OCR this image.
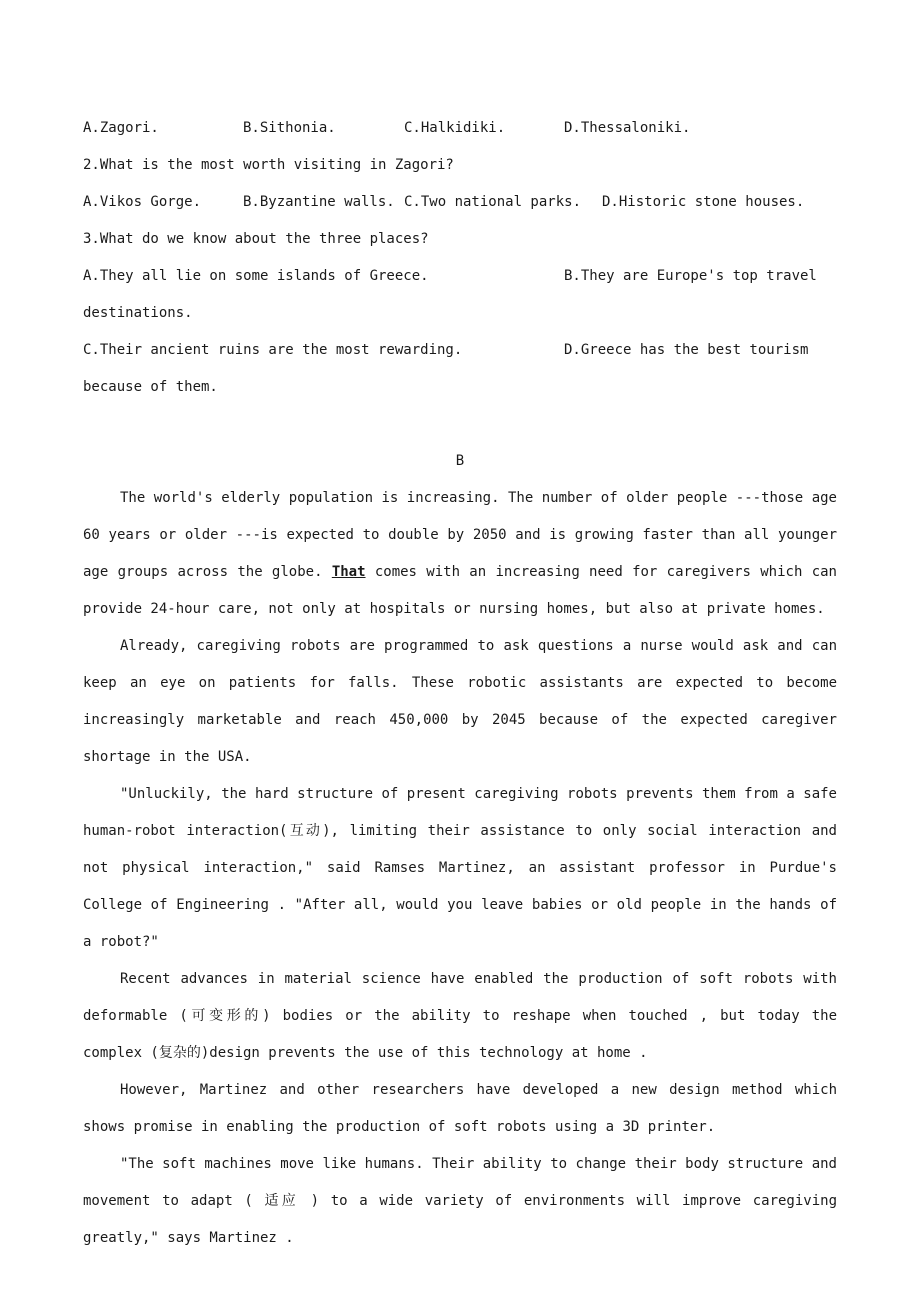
A.Zagori.	B.Sithonia.	C.Halkidiki.	D.Thessaloniki.
2.What is the most worth visiting in Zagori?
A.Vikos Gorge.	B.Byzantine walls. C.Two national parks.	D.Historic stone houses.
3.What do we know about the three places?
A.They all lie on some islands of Greece.	B.They are Europe's top travel
destinations.
C.Their ancient ruins are the most rewarding.	D.Greece has the best tourism
because of them.
B

The world's elderly population is increasing. The number of older people ---those age 60 years or older ---is expected to double by 2050 and is growing faster than all younger age groups across the globe. That comes with an increasing need for caregivers which can provide 24-hour care, not only at hospitals or nursing homes, but also at private homes.

Already, caregiving robots are programmed to ask questions a nurse would ask and can keep an eye on patients for falls. These robotic assistants are expected to become increasingly marketable and reach 450,000 by 2045 because of the expected caregiver shortage in the USA.

"Unluckily, the hard structure of present caregiving robots prevents them from a safe human-robot interaction(互动), limiting their assistance to only social interaction and not physical interaction," said Ramses Martinez, an assistant professor in Purdue's College of Engineering . "After all, would you leave babies or old people in the hands of a robot?"

Recent advances in material science have enabled the production of soft robots with deformable (可变形的) bodies or the ability to reshape when touched , but today the complex (复杂的)design prevents the use of this technology at home .

However, Martinez and other researchers have developed a new design method which shows promise in enabling the production of soft robots using a 3D printer.

"The soft machines move like humans. Their ability to change their body structure and movement to adapt ( 适应 ) to a wide variety of environments will improve caregiving greatly," says Martinez .
